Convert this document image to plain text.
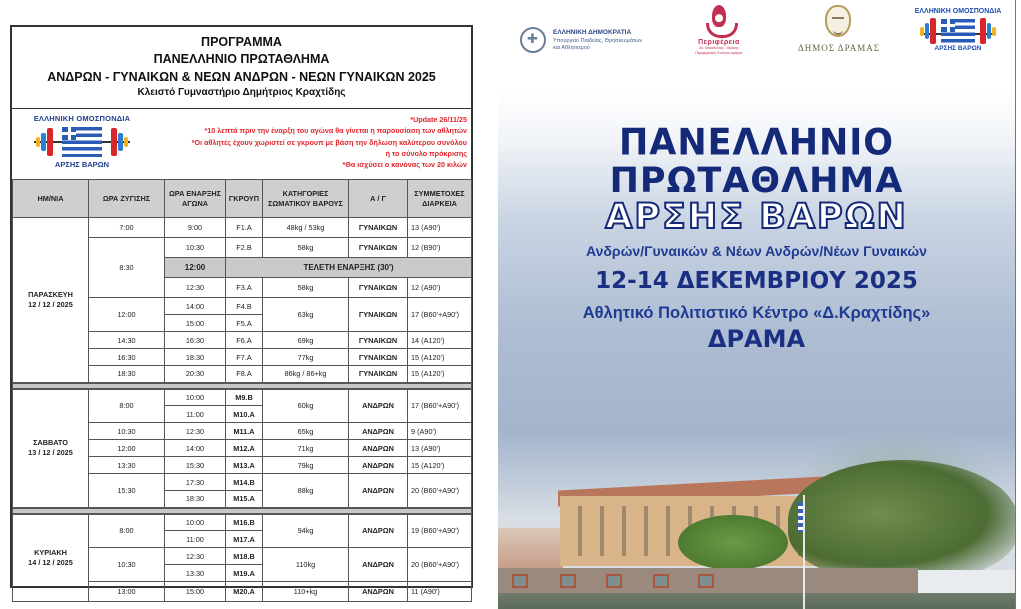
ΠΡΟΓΡΑΜΜΑ
ΠΑΝΕΛΛΗΝΙΟ ΠΡΩΤΑΘΛΗΜΑ
ΑΝΔΡΩΝ - ΓΥΝΑΙΚΩΝ & ΝΕΩΝ ΑΝΔΡΩΝ - ΝΕΩΝ ΓΥΝΑΙΚΩΝ 2025
Κλειστό Γυμναστήριο Δημήτριος Κραχτίδης
ΕΛΛΗΝΙΚΗ ΟΜΟΣΠΟΝΔΙΑ
ΑΡΣΗΣ ΒΑΡΩΝ
*Update 26/11/25
*10 λεπτά πριν την έναρξη του αγώνα θα γίνεται η παρουσίαση των αθλητών
*Οι αθλητές έχουν χωριστεί σε γκρουπ με βάση την δήλωση καλύτερου συνόλου
ή το σύνολο πρόκρισης
*Θα ισχύσει ο κανόνας των 20 κιλών
ΗΜ/ΝΙΑ	ΩΡΑ ΖΥΓΙΣΗΣ	ΩΡΑ ΕΝΑΡΞΗΣ ΑΓΩΝΑ	ΓΚΡΟΥΠ	ΚΑΤΗΓΟΡΙΕΣ ΣΩΜΑΤΙΚΟΥ ΒΑΡΟΥΣ	Α / Γ	ΣΥΜΜΕΤΟΧΕΣ ΔΙΑΡΚΕΙΑ

ΠΑΡΑΣΚΕΥΗ
12 / 12 / 2025	7:00	9:00	F1.A	48kg / 53kg	ΓΥΝΑΙΚΩΝ	13 (A90')
	8:30	10:30	F2.B	58kg	ΓΥΝΑΙΚΩΝ	12 (B90')
		12:00	ΤΕΛΕΤΗ ΕΝΑΡΞΗΣ (30')			
		12:30	F3.A	58kg	ΓΥΝΑΙΚΩΝ	12 (A90')
	12:00	14:00	F4.B	63kg	ΓΥΝΑΙΚΩΝ	17 (B60'+A90')
		15:00	F5.A			
	14:30	16:30	F6.A	69kg	ΓΥΝΑΙΚΩΝ	14 (A120')
	16:30	18:30	F7.A	77kg	ΓΥΝΑΙΚΩΝ	15 (A120')
	18:30	20:30	F8.A	86kg / 86+kg	ΓΥΝΑΙΚΩΝ	15 (A120')

ΣΑΒΒΑΤΟ
13 / 12 / 2025	8:00	10:00	M9.B	60kg	ΑΝΔΡΩΝ	17 (B60'+A90')
		11:00	M10.A			
	10:30	12:30	M11.A	65kg	ΑΝΔΡΩΝ	9 (A90')
	12:00	14:00	M12.A	71kg	ΑΝΔΡΩΝ	13 (A90')
	13:30	15:30	M13.A	79kg	ΑΝΔΡΩΝ	15 (A120')
	15:30	17:30	M14.B	88kg	ΑΝΔΡΩΝ	20 (B60'+A90')
		18:30	M15.A			

ΚΥΡΙΑΚΗ
14 / 12 / 2025	8:00	10:00	M16.B	94kg	ΑΝΔΡΩΝ	19 (B60'+A90')
		11:00	M17.A			
	10:30	12:30	M18.B	110kg	ΑΝΔΡΩΝ	20 (B60'+A90')
		13:30	M19.A			
	13:00	15:00	M20.A	110+kg	ΑΝΔΡΩΝ	11 (A90')
✚
ΕΛΛΗΝΙΚΗ ΔΗΜΟΚΡΑΤΙΑ
Υπουργείο Παιδείας, Θρησκευμάτων
και Αθλητισμού
Περιφέρεια
Αν. Μακεδονίας - Θράκης
Περιφερειακή Ενότητα Δράμας	ΔΗΜΟΣ ΔΡΑΜΑΣ
ΕΛΛΗΝΙΚΗ ΟΜΟΣΠΟΝΔΙΑ
ΑΡΣΗΣ ΒΑΡΩΝ
ΠΑΝΕΛΛΗΝΙΟ
ΠΡΩΤΑΘΛΗΜΑ
ΑΡΣΗΣ ΒΑΡΩΝ
Ανδρών/Γυναικών & Νέων Ανδρών/Νέων Γυναικών
12-14 ΔΕΚΕΜΒΡΙΟΥ 2025
Αθλητικό Πολιτιστικό Κέντρο «Δ.Κραχτίδης»
ΔΡΑΜΑ
